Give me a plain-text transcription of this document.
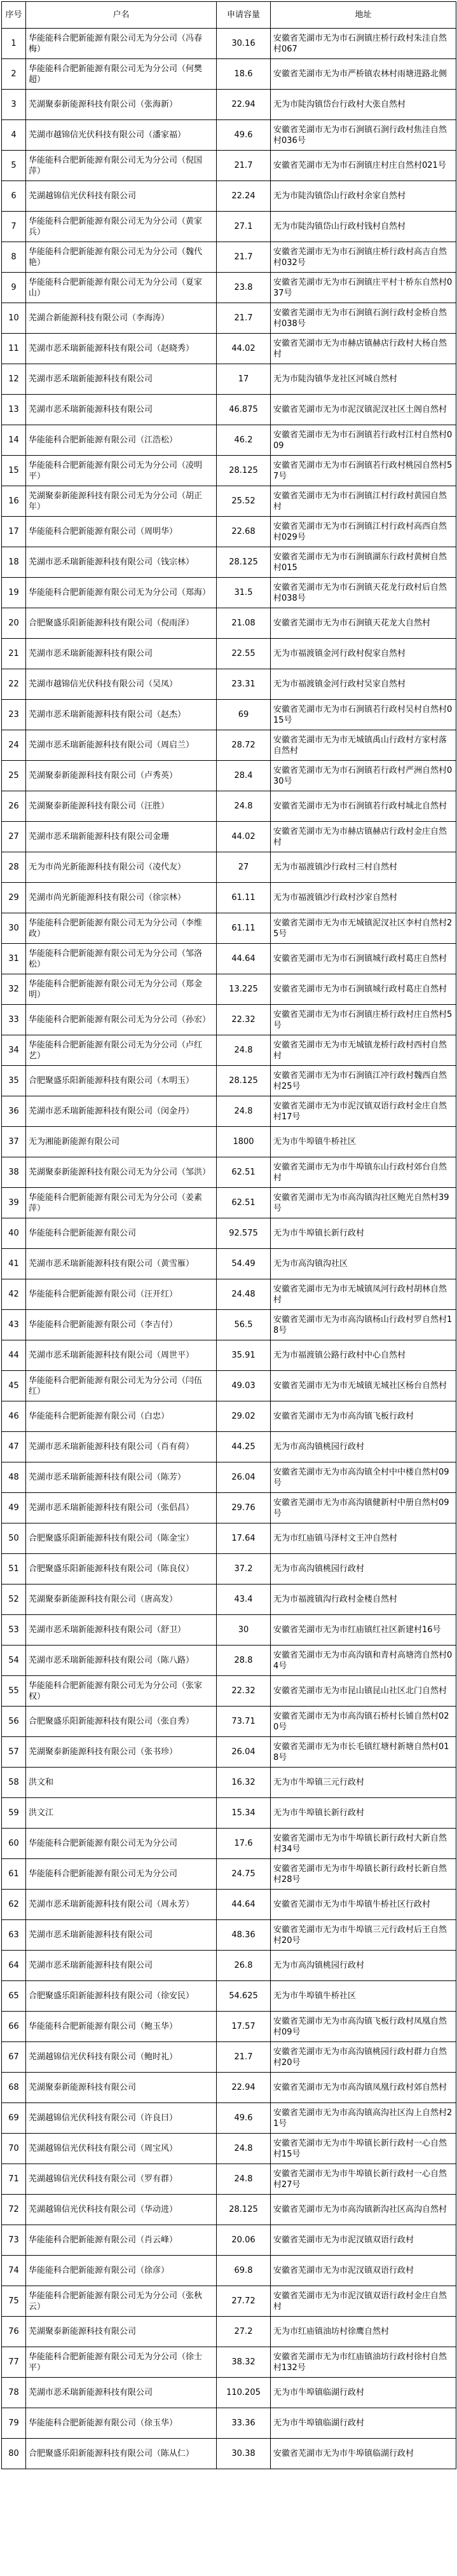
序号	户名	申请容量	地址
1	华能能科合肥新能源有限公司无为分公司（冯春梅）	30.16	安徽省芜湖市无为市石涧镇庄桥行政村朱洼自然村067
2	华能能科合肥新能源有限公司无为分公司（何樊超）	18.6	安徽省芜湖市无为市严桥镇农林村雨塘进路北侧
3	芜湖聚泰新能源科技有限公司（张海新）	22.94	无为市陡沟镇岱台行政村大张自然村
4	芜湖市越锦信光伏科技有限公司（潘家福）	49.6	安徽省芜湖市无为市石涧镇石涧行政村焦洼自然村036号
5	华能能科合肥新能源有限公司无为分公司（倪国萍）	21.7	安徽省芜湖市无为市石涧镇庄村庄自然村021号
6	芜湖越锦信光伏科技有限公司	22.24	无为市陡沟镇岱山行政村余家自然村
7	华能能科合肥新能源有限公司无为分公司（黄家兵）	27.1	无为市陡沟镇岱山行政村钱村自然村
8	华能能科合肥新能源有限公司无为分公司（魏代艳）	21.7	安徽省芜湖市无为市石涧镇庄桥行政村高吉自然村032号
9	华能能科合肥新能源有限公司无为分公司（夏家山）	23.8	安徽省芜湖市无为市石涧镇庄平村十桥东自然村037号
10	芜湖合新能源科技有限公司（李海涛）	21.7	安徽省芜湖市无为市石涧镇石涧行政村金桥自然村038号
11	芜湖市恶禾瑞新能源科技有限公司（赵晓秀）	44.02	安徽省芜湖市无为市赫店镇赫店行政村大杨自然村
12	芜湖市恶禾瑞新能源科技有限公司	17	无为市陡沟镇华龙社区河城自然村
13	芜湖市恶禾瑞新能源科技有限公司	46.875	安徽省芜湖市无为市泥汊镇泥汊社区土阁自然村
14	华能能科合肥新能源有限公司（江浩松）	46.2	安徽省芜湖市无为市石涧镇若行政村江村自然村009
15	华能能科合肥新能源有限公司无为分公司（凌明平）	28.125	安徽省芜湖市无为市石涧镇若行政村桃园自然村57号
16	芜湖聚泰新能源科技有限公司无为分公司（胡正年）	25.52	安徽省芜湖市无为市石涧镇江村行政村黄园自然村
17	华能能科合肥新能源有限公司（周明华）	22.68	安徽省芜湖市无为市石涧镇江村行政村高西自然村029号
18	芜湖市恶禾瑞新能源科技有限公司（钱宗林）	28.125	安徽省芜湖市无为市石涧镇湖东行政村黄树自然村015
19	华能能科合肥新能源有限公司无为分公司（郑海）	31.5	安徽省芜湖市无为市石涧镇天花龙行政村后自然村038号
20	合肥聚盛乐阳新能源科技有限公司（倪雨泽）	21.08	安徽省芜湖市无为市石涧镇天花龙大自然村
21	芜湖市恶禾瑞新能源科技有限公司	22.55	无为市福渡镇金河行政村倪家自然村
22	芜湖市越锦信光伏科技有限公司（吴凤）	23.31	无为市福渡镇金河行政村吴家自然村
23	芜湖市恶禾瑞新能源科技有限公司（赵杰）	69	安徽省芜湖市无为市石涧镇若行政村吴村自然村015号
24	芜湖市恶禾瑞新能源科技有限公司（周启兰）	28.72	安徽省芜湖市无为市无城镇禹山行政村方家村落自然村
25	芜湖聚泰新能源科技有限公司（卢秀英）	28.4	安徽省芜湖市无为市石涧镇若行政村严洲自然村030号
26	芜湖聚泰新能源科技有限公司（汪胜）	24.8	安徽省芜湖市无为市石涧镇若行政村城北自然村
27	芜湖市恶禾瑞新能源科技有限公司金珊	44.02	安徽省芜湖市无为市赫店镇赫店行政村金庄自然村
28	无为市尚光新能源科技有限公司（凌代友）	27	无为市福渡镇沙行政村三村自然村
29	芜湖市尚光新能源科技有限公司（徐宗林）	61.11	无为市福渡镇沙行政村沙家自然村
30	华能能科合肥新能源有限公司无为分公司（李维政）	61.11	安徽省芜湖市无为市无城镇泥汊社区李村自然村25号
31	华能能科合肥新能源有限公司无为分公司（邹洛松）	44.64	安徽省芜湖市无为市石涧镇城行政村葛庄自然村
32	华能能科合肥新能源有限公司无为分公司（郑金明）	13.225	安徽省芜湖市无为市石涧镇城行政村葛庄自然村
33	华能能科合肥新能源有限公司无为分公司（孙宏）	22.32	安徽省芜湖市无为市石涧镇庄桥行政村庄自然村5号
34	华能能科合肥新能源有限公司无为分公司（卢红艺）	24.8	安徽省芜湖市无为市无城镇龙桥行政村西村自然村
35	合肥聚盛乐阳新能源科技有限公司（木明玉）	28.125	安徽省芜湖市无为市石涧镇江冲行政村魏西自然村25号
36	芜湖市恶禾瑞新能源科技有限公司（闵金丹）	24.8	安徽省芜湖市无为市泥汊镇双语行政村金庄自然村17号
37	无为湘能新能源有限公司	1800	无为市牛埠镇牛桥社区
38	芜湖聚泰新能源科技有限公司无为分公司（邹洪）	62.51	安徽省芜湖市无为市牛埠镇东山行政村郊台自然村
39	华能能科合肥新能源有限公司无为分公司（姜素萍）	62.51	安徽省芜湖市无为市高沟镇沟社区鲍光自然村39号
40	华能能科合肥新能源有限公司	92.575	无为市牛埠镇长新行政村
41	芜湖市恶禾瑞新能源科技有限公司（黄雪雁）	54.49	无为市高沟镇沟社区
42	华能能科合肥新能源有限公司（汪开红）	24.48	安徽省芜湖市无为市无城镇凤河行政村胡林自然村
43	华能能科合肥新能源有限公司（李吉付）	56.5	安徽省芜湖市无为市高沟镇杨山行政村罗自然村18号
44	芜湖市恶禾瑞新能源科技有限公司（周世平）	35.91	无为市福渡镇公路行政村中心自然村
45	华能能科合肥新能源有限公司无为分公司（闫伍红）	49.03	安徽省芜湖市无为市无城镇无城社区杨台自然村
46	华能能科合肥新能源有限公司（白忠）	29.02	安徽省芜湖市无为市高沟镇飞板行政村
47	芜湖市恶禾瑞新能源科技有限公司（肖有荷）	44.25	无为市高沟镇桃园行政村
48	芜湖市恶禾瑞新能源科技有限公司（陈芳）	26.04	安徽省芜湖市无为市高沟镇全村中中楼自然村09号
49	芜湖市恶禾瑞新能源科技有限公司（张侣昌）	29.76	安徽省芜湖市无为市高沟镇健新村中册自然村09号
50	合肥聚盛乐阳新能源科技有限公司（陈金宝）	17.64	无为市红庙镇马泽村文王冲自然村
51	合肥聚盛乐阳新能源科技有限公司（陈良仪）	37.2	无为市高沟镇桃园行政村
52	芜湖聚泰新能源科技有限公司（唐高发）	43.4	无为市福渡镇沟行政村金楼自然村
53	芜湖市恶禾瑞新能源科技有限公司（舒卫）	30	安徽省芜湖市无为市红庙镇红社区新建村16号
54	芜湖市恶禾瑞新能源科技有限公司（陈八路）	28.8	安徽省芜湖市无为市高沟镇和青村高塘湾自然村04号
55	华能能科合肥新能源有限公司无为分公司（张家权）	22.32	安徽省芜湖市无为市昆山镇昆山社区北门自然村
56	合肥聚盛乐阳新能源科技有限公司（张自秀）	73.71	安徽省芜湖市无为市高沟镇石桥村长铺自然村020号
57	芜湖聚泰新能源科技有限公司（张书珍）	26.04	安徽省芜湖市无为市长毛镇红塘村新塘自然村018号
58	洪文和	16.32	无为市牛埠镇三元行政村
59	洪文江	15.34	无为市牛埠镇长新行政村
60	华能能科合肥新能源有限公司无为分公司	17.6	安徽省芜湖市无为市牛埠镇长新行政村大新自然村34号
61	华能能科合肥新能源有限公司无为分公司	24.75	安徽省芜湖市无为市牛埠镇长新行政村长新自然村28号
62	芜湖市恶禾瑞新能源科技有限公司（周永芳）	44.64	安徽省芜湖市无为市牛埠镇牛桥社区行政村
63	芜湖市恶禾瑞新能源科技有限公司	48.36	安徽省芜湖市无为市牛埠镇三元行政村后王自然村20号
64	芜湖市恶禾瑞新能源科技有限公司	26.8	无为市高沟镇桃园行政村
65	合肥聚盛乐阳新能源科技有限公司（徐安民）	54.625	无为市牛埠镇牛桥社区
66	华能能科合肥新能源有限公司（鲍玉华）	17.57	安徽省芜湖市无为市高沟镇飞板行政村凤凰自然村09号
67	芜湖越锦信光伏科技有限公司（鲍时礼）	21.7	安徽省芜湖市无为市高沟镇桃园行政村群力自然村20号
68	芜湖聚泰新能源科技有限公司	22.94	安徽省芜湖市无为市高沟镇凤凰行政村郊自然村
69	芜湖越锦信光伏科技有限公司（许良曰）	49.6	安徽省芜湖市无为市高沟镇高沟社区沟上自然村21号
70	芜湖越锦信光伏科技有限公司（周宝风）	24.8	安徽省芜湖市无为市牛埠镇长新行政村一心自然村15号
71	芜湖越锦信光伏科技有限公司（罗有群）	24.8	安徽省芜湖市无为市牛埠镇长新行政村一心自然村27号
72	芜湖越锦信光伏科技有限公司（华动进）	28.125	安徽省芜湖市无为市高沟镇新沟社区高沟自然村
73	华能能科合肥新能源有限公司（肖云峰）	20.06	安徽省芜湖市无为市泥汊镇双语行政村
74	华能能科合肥新能源有限公司（徐彦）	69.8	安徽省芜湖市无为市泥汊镇双语行政村
75	华能能科合肥新能源有限公司无为分公司（张秋云）	27.72	安徽省芜湖市无为市泥汊镇双语行政村金庄自然村
76	芜湖聚泰新能源科技有限公司	27.2	无为市红庙镇油坊村徐鹰自然村
77	华能能科合肥新能源有限公司无为分公司（徐士平）	38.32	安徽省芜湖市无为市红庙镇油坊行政村徐村自然村132号
78	芜湖市恶禾瑞新能源科技有限公司	110.205	无为市牛埠镇临湖行政村
79	华能能科合肥新能源有限公司（徐玉华）	33.36	无为市牛埠镇临湖行政村
80	合肥聚盛乐阳新能源科技有限公司（陈从仁）	30.38	安徽省芜湖市无为市牛埠镇临湖行政村
